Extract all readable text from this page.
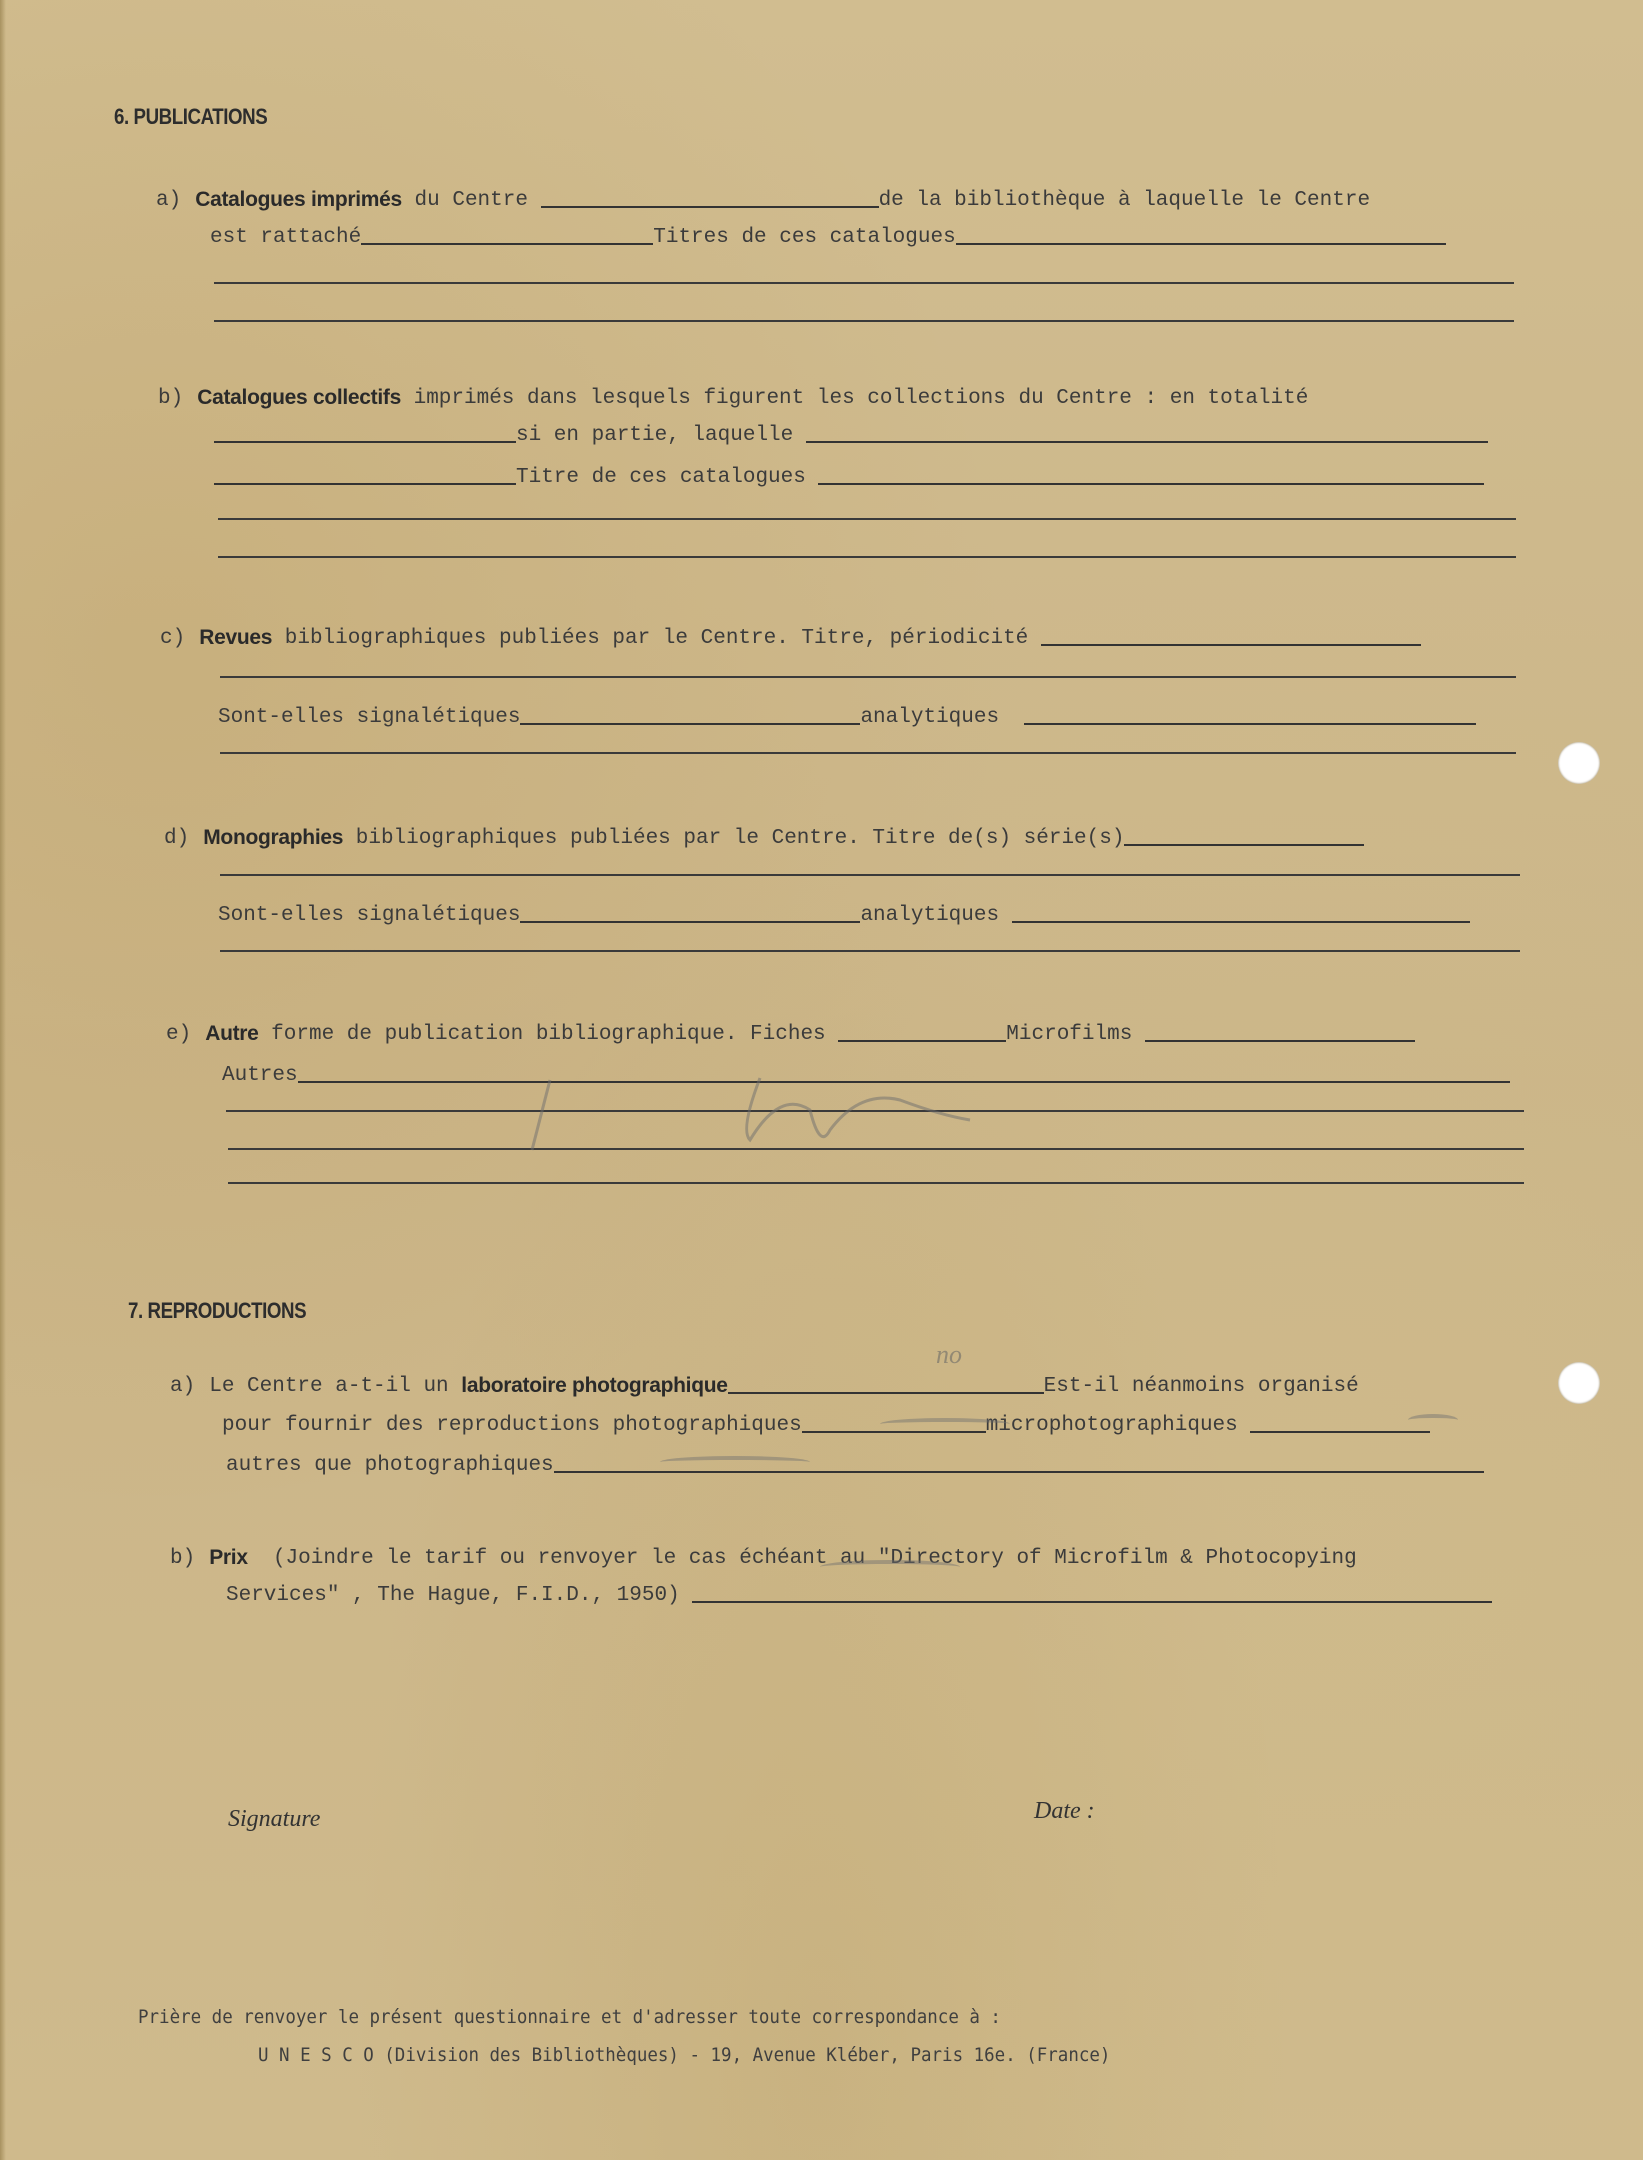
6. PUBLICATIONS
a) Catalogues imprimés
du Centre
	de la bibliothèque à laquelle le Centre
est rattaché	Titres de ces catalogues
b) Catalogues collectifs
imprimés dans lesquels figurent les collections du Centre : en totalité
si en partie, laquelle

Titre de ces catalogues

c) Revues
bibliographiques publiées par le Centre. Titre, périodicité

Sont-elles signalétiques	analytiques

d) Monographies
bibliographiques publiées par le Centre. Titre de(s) série(s)
Sont-elles signalétiques	analytiques

e) Autre
forme de publication bibliographique. Fiches
	Microfilms

Autres
7. REPRODUCTIONS
a) Le Centre a-t-il un
laboratoire photographique	Est-il néanmoins organisé
no
pour fournir des reproductions photographiques	microphotographiques

autres que photographiques
b) Prix
(Joindre le tarif ou renvoyer le cas échéant au "Directory of Microfilm & Photocopying
Services" , The Hague, F.I.D., 1950)

Signature	Date :
Prière de renvoyer le présent questionnaire et d'adresser toute correspondance à :
U N E S C O (Division des Bibliothèques) - 19, Avenue Kléber, Paris 16e. (France)
